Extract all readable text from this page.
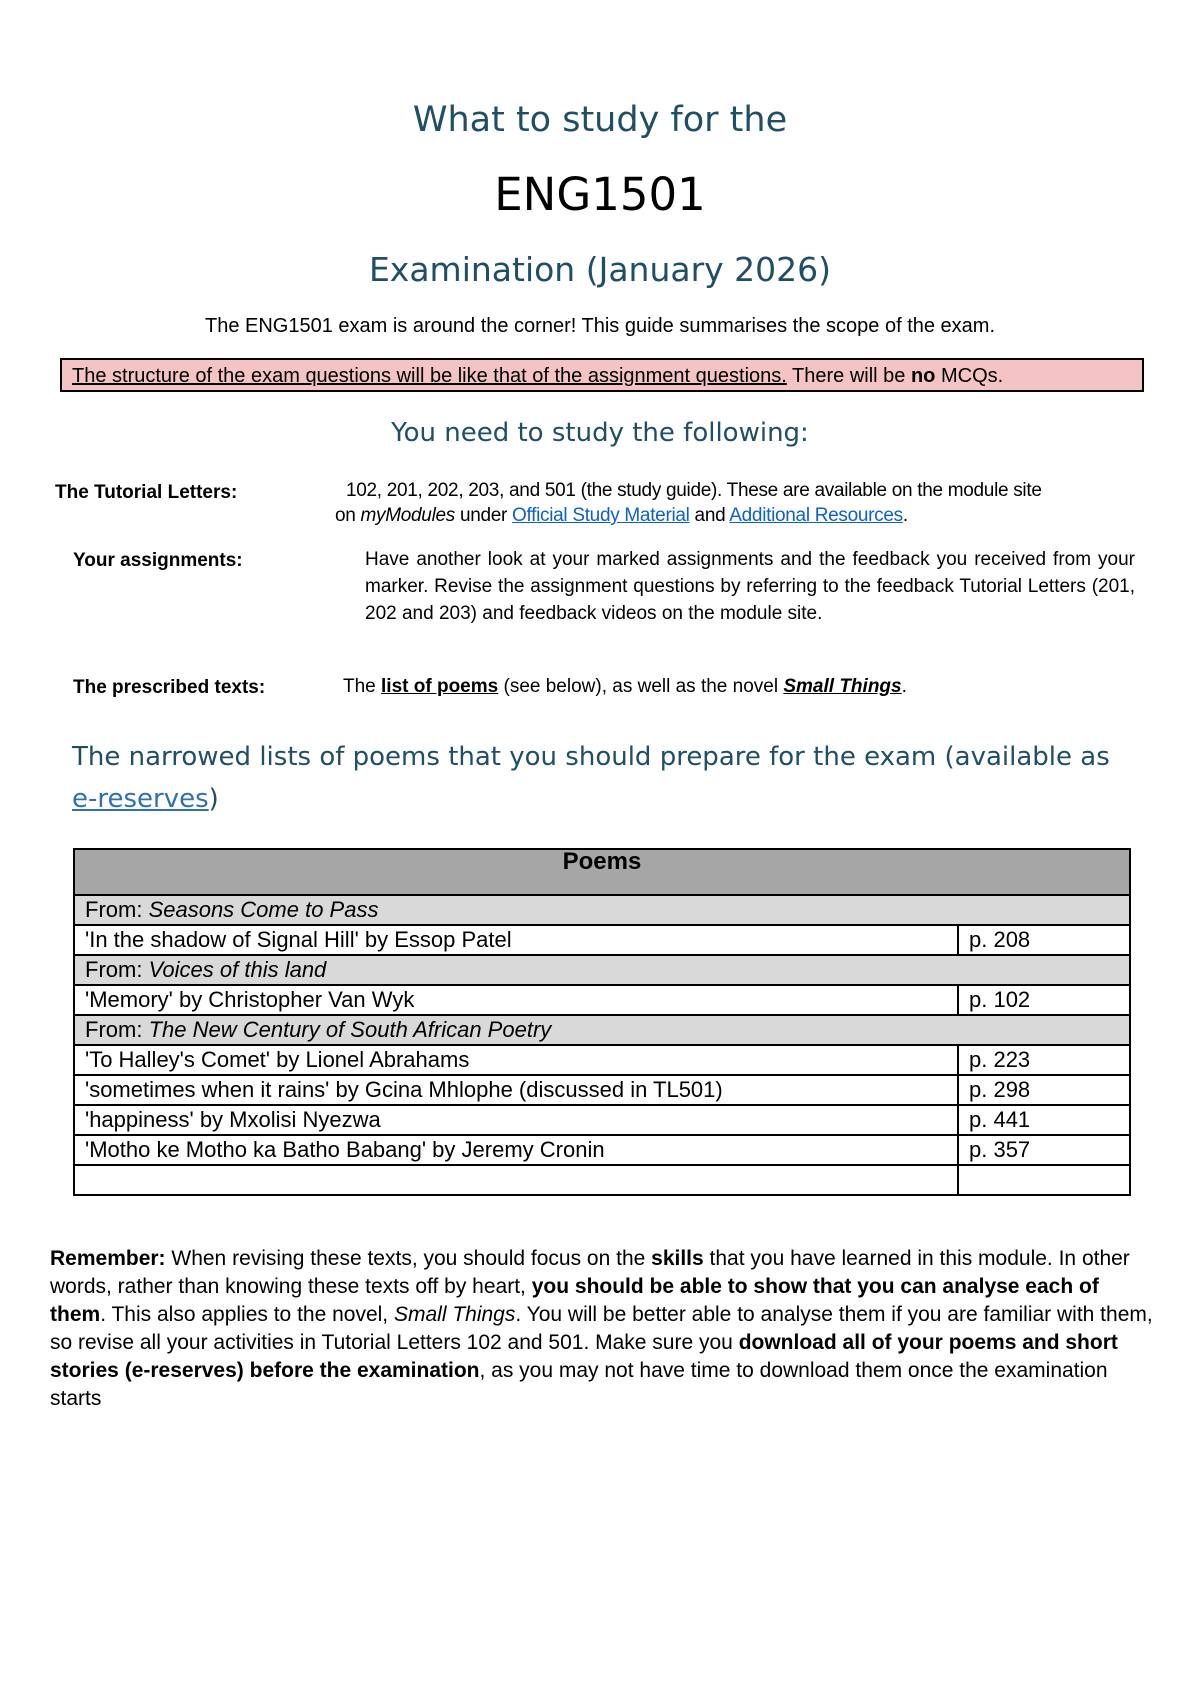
What to study for the
ENG1501
Examination (January 2026)
The ENG1501 exam is around the corner! This guide summarises the scope of the exam.
The structure of the exam questions will be like that of the assignment questions. There will be no MCQs.
You need to study the following:
The Tutorial Letters:	102, 201, 202, 203, and 501 (the study guide). These are available on the module site
on myModules under Official Study Material and Additional Resources.
Your assignments:	Have another look at your marked assignments and the feedback you received from your marker. Revise the assignment questions by referring to the feedback Tutorial Letters (201, 202 and 203) and feedback videos on the module site.
The prescribed texts:	The list of poems (see below), as well as the novel Small Things.
The narrowed lists of poems that you should prepare for the exam (available as e-reserves)
Poems	
From: Seasons Come to Pass	
'In the shadow of Signal Hill' by Essop Patel	p. 208
From: Voices of this land	
'Memory' by Christopher Van Wyk	p. 102
From: The New Century of South African Poetry	
'To Halley's Comet' by Lionel Abrahams	p. 223
'sometimes when it rains' by Gcina Mhlophe (discussed in TL501)	p. 298
'happiness' by Mxolisi Nyezwa	p. 441
'Motho ke Motho ka Batho Babang' by Jeremy Cronin	p. 357

Remember: When revising these texts, you should focus on the skills that you have learned in this module. In other words, rather than knowing these texts off by heart, you should be able to show that you can analyse each of them. This also applies to the novel, Small Things. You will be better able to analyse them if you are familiar with them, so revise all your activities in Tutorial Letters 102 and 501. Make sure you download all of your poems and short stories (e-reserves) before the examination, as you may not have time to download them once the examination starts
